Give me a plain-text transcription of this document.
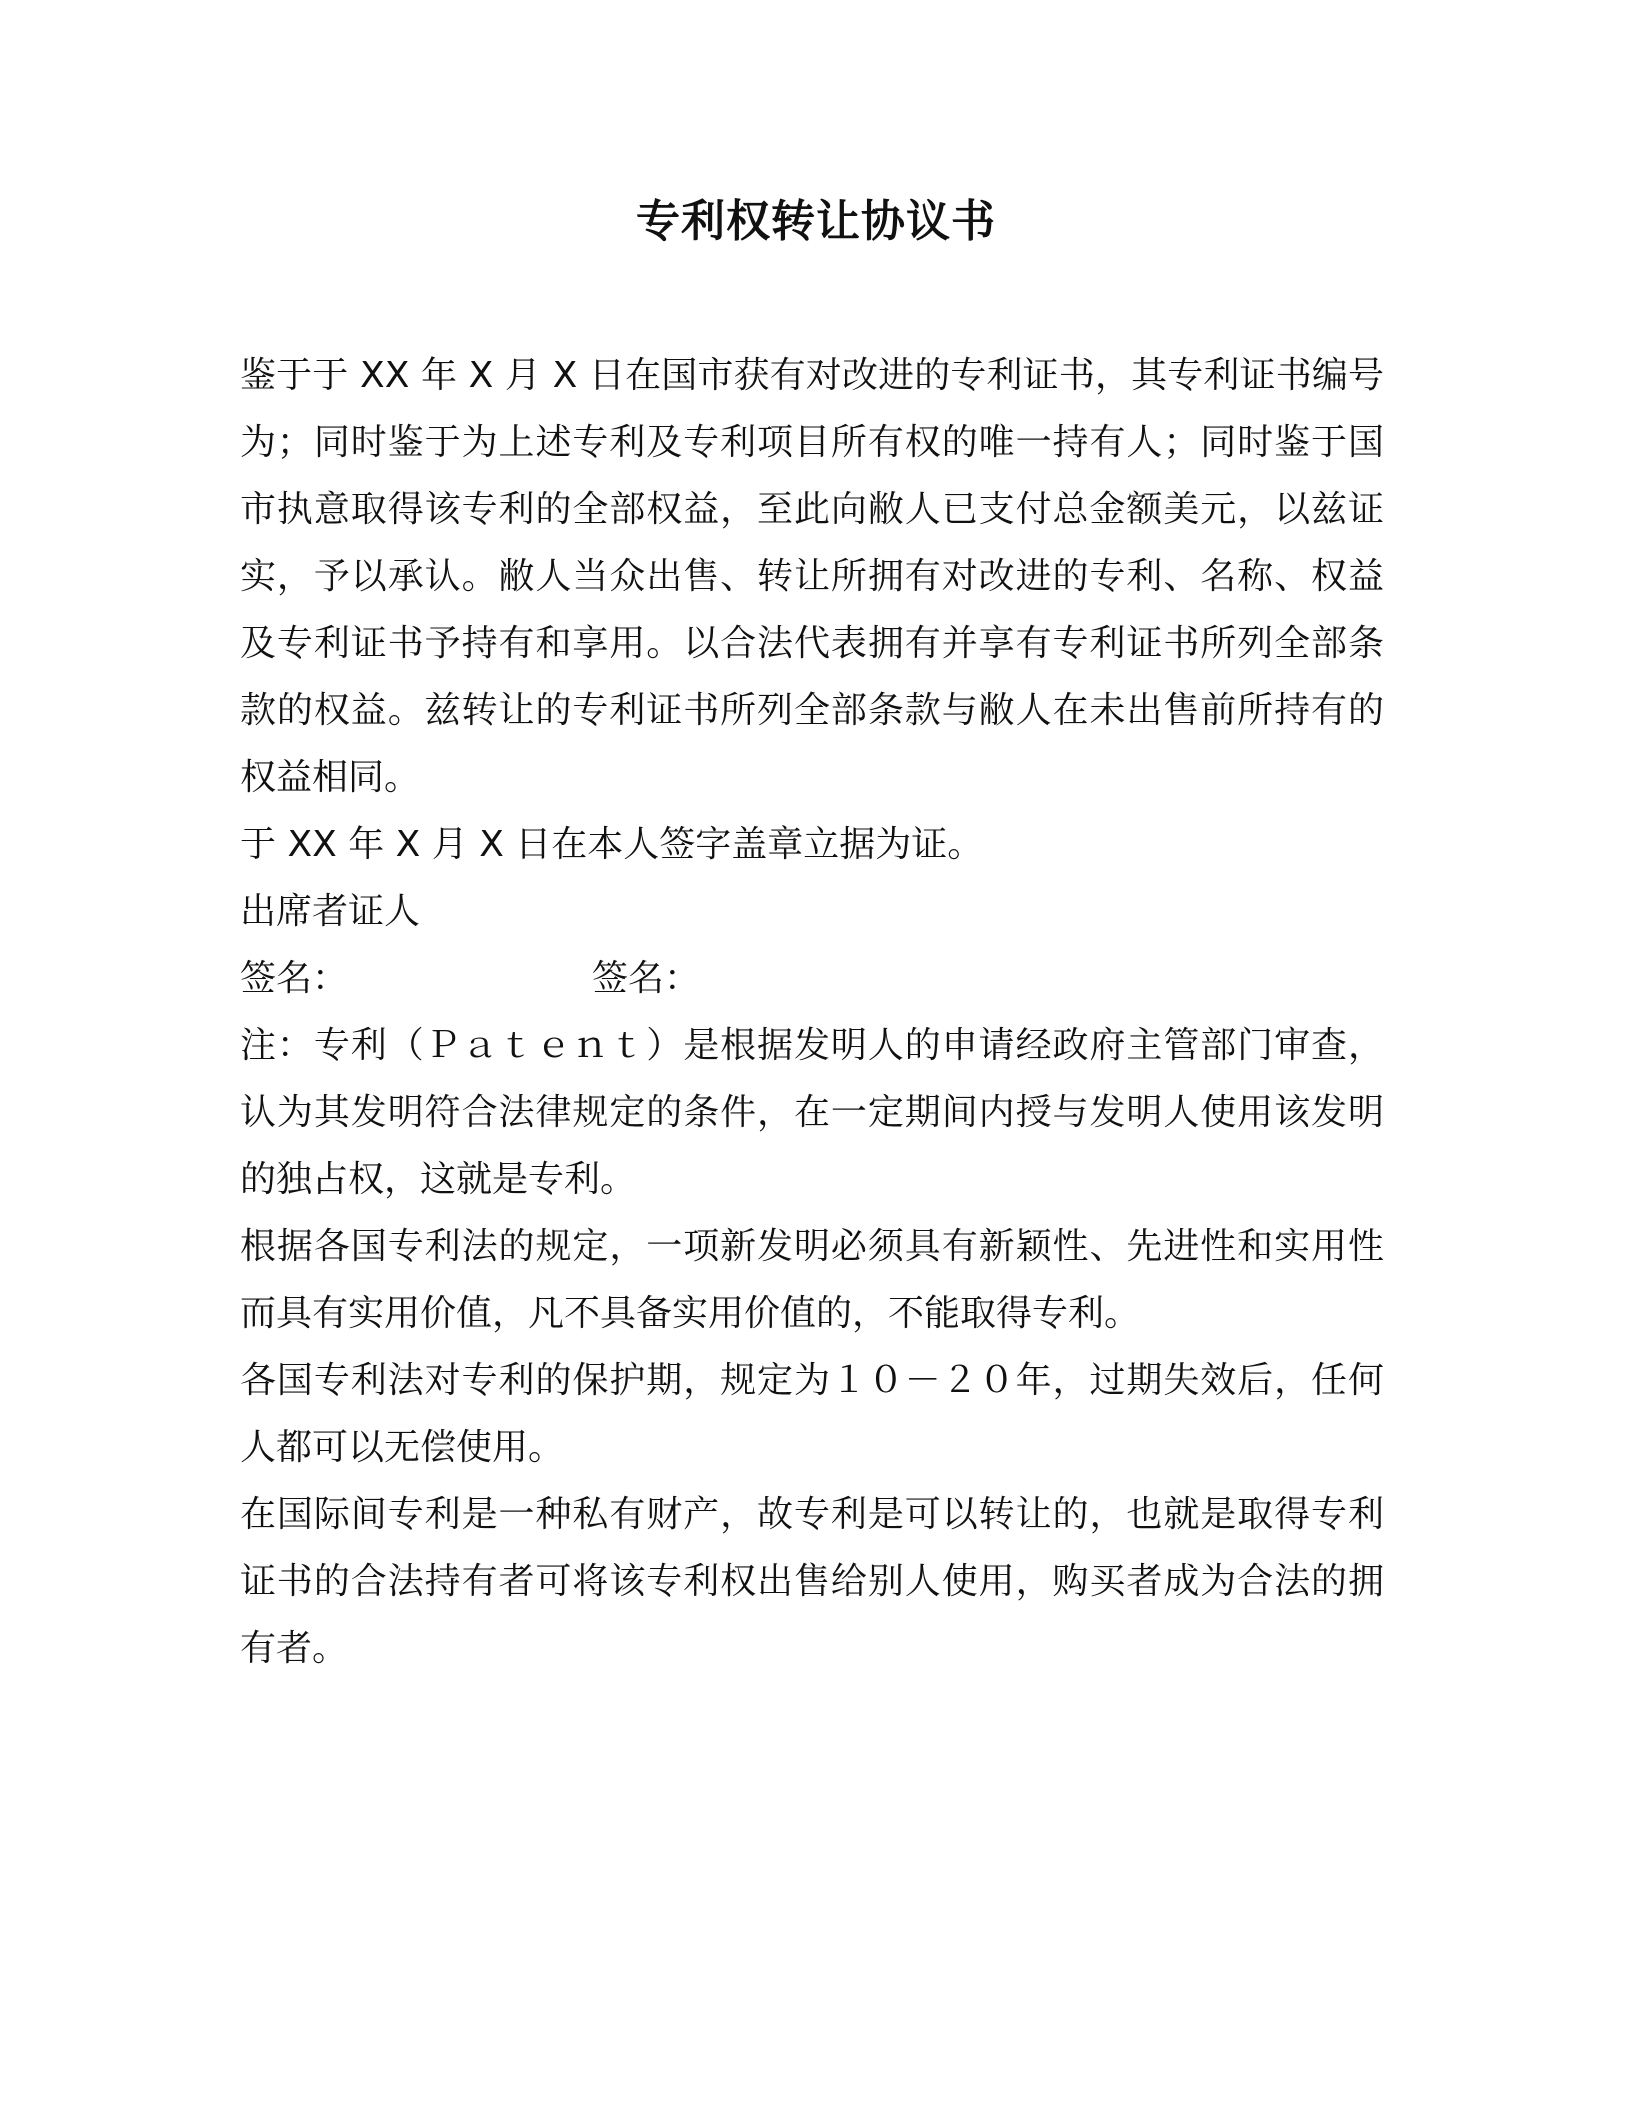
专利权转让协议书

鉴于于 XX 年 X 月 X 日在国市获有对改进的专利证书，其专利证书编号为；同时鉴于为上述专利及专利项目所有权的唯一持有人；同时鉴于国市执意取得该专利的全部权益，至此向敝人已支付总金额美元，以兹证实，予以承认。敝人当众出售、转让所拥有对改进的专利、名称、权益及专利证书予持有和享用。以合法代表拥有并享有专利证书所列全部条款的权益。兹转让的专利证书所列全部条款与敝人在未出售前所持有的权益相同。

于 XX 年 X 月 X 日在本人签字盖章立据为证。

出席者证人

签名：	签名：

注：专利（Ｐａｔｅｎｔ）是根据发明人的申请经政府主管部门审查，认为其发明符合法律规定的条件，在一定期间内授与发明人使用该发明的独占权，这就是专利。

根据各国专利法的规定，一项新发明必须具有新颖性、先进性和实用性而具有实用价值，凡不具备实用价值的，不能取得专利。

各国专利法对专利的保护期，规定为１０－２０年，过期失效后，任何人都可以无偿使用。

在国际间专利是一种私有财产，故专利是可以转让的，也就是取得专利证书的合法持有者可将该专利权出售给别人使用，购买者成为合法的拥有者。
